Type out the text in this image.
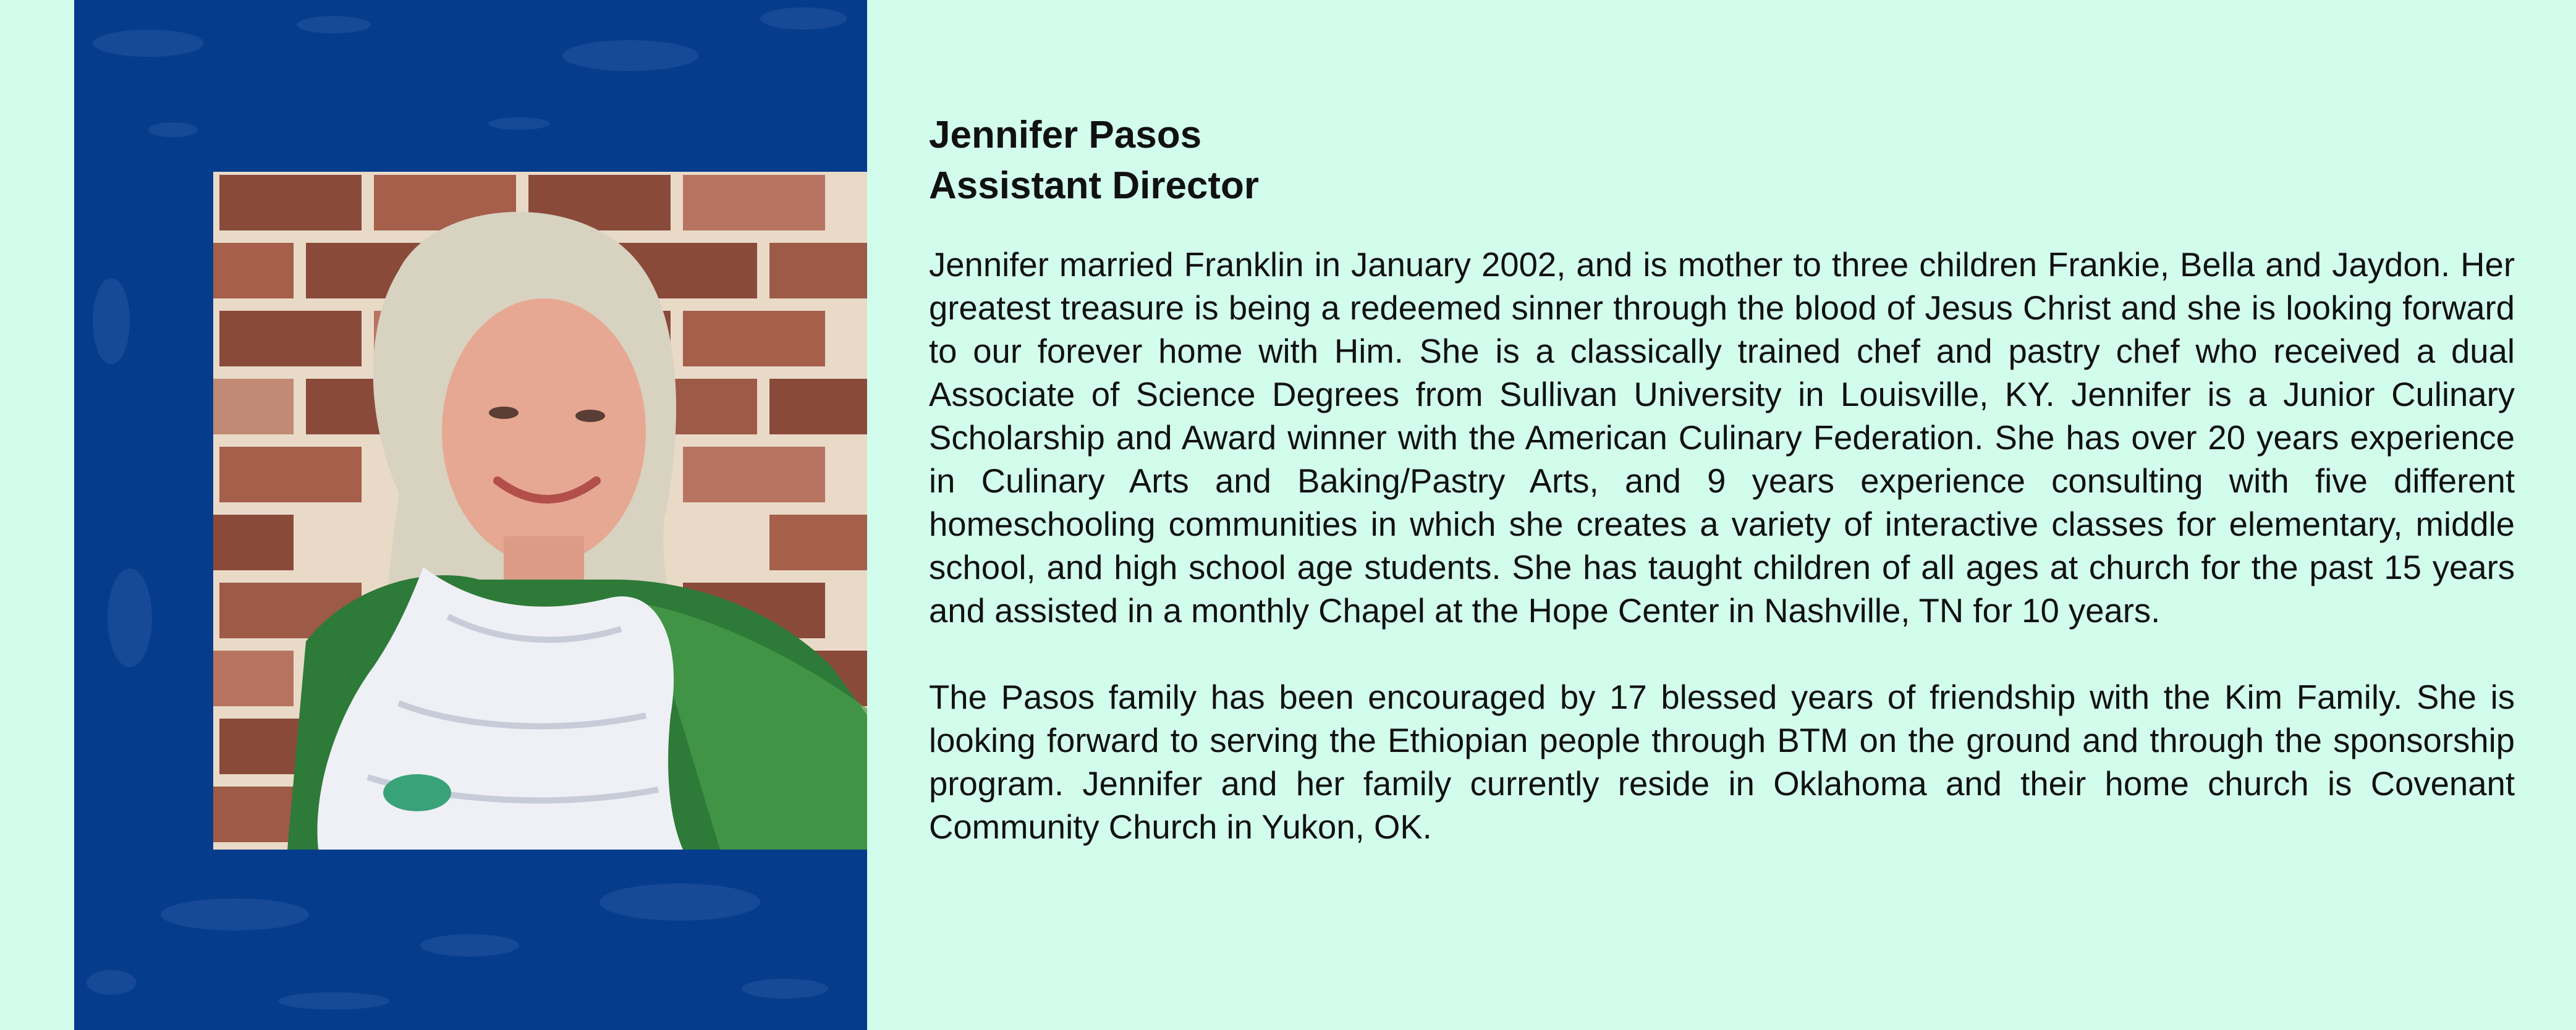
Jennifer Pasos

Assistant Director

Jennifer married Franklin in January 2002, and is mother to three children Frankie, Bella and Jaydon. Her greatest treasure is being a redeemed sinner through the blood of Jesus Christ and she is looking forward to our forever home with Him. She is a classically trained chef and pastry chef who received a dual Associate of Science Degrees from Sullivan University in Louisville, KY. Jennifer is a Junior Culinary Scholarship and Award winner with the American Culinary Federation. She has over 20 years experience in Culinary Arts and Baking/Pastry Arts, and 9 years experience consulting with five different homeschooling communities in which she creates a variety of interactive classes for elementary, middle school, and high school age students. She has taught children of all ages at church for the past 15 years and assisted in a monthly Chapel at the Hope Center in Nashville, TN for 10 years.

The Pasos family has been encouraged by 17 blessed years of friendship with the Kim Family. She is looking forward to serving the Ethiopian people through BTM on the ground and through the sponsorship program. Jennifer and her family currently reside in Oklahoma and their home church is Covenant Community Church in Yukon, OK.
